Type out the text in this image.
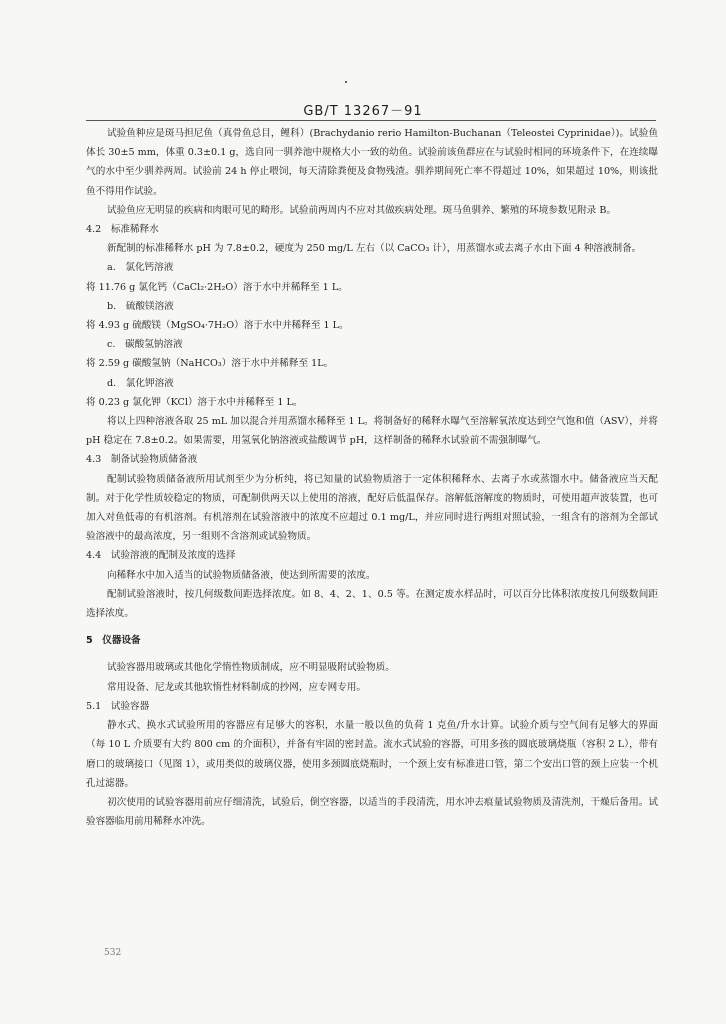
GB/T 13267－91

试验鱼种应是斑马担尼鱼（真骨鱼总目，鲤科）(Brachydanio rerio Hamilton-Buchanan（Teleostei Cyprinidae）)。试验鱼体长 30±5 mm，体重 0.3±0.1 g，选自同一驯养池中规格大小一致的幼鱼。试验前该鱼群应在与试验时相同的环境条件下，在连续曝气的水中至少驯养两周。试验前 24 h 停止喂饲，每天清除粪便及食物残渣。驯养期间死亡率不得超过 10%，如果超过 10%，则该批鱼不得用作试验。

试验鱼应无明显的疾病和肉眼可见的畸形。试验前两周内不应对其做疾病处理。斑马鱼驯养、繁殖的环境参数见附录 B。

4.2　标准稀释水

新配制的标准稀释水 pH 为 7.8±0.2，硬度为 250 mg/L 左右（以 CaCO₃ 计），用蒸馏水或去离子水由下面 4 种溶液制备。

a.　氯化钙溶液

将 11.76 g 氯化钙（CaCl₂·2H₂O）溶于水中并稀释至 1 L。

b.　硫酸镁溶液

将 4.93 g 硫酸镁（MgSO₄·7H₂O）溶于水中并稀释至 1 L。

c.　碳酸氢钠溶液

将 2.59 g 碳酸氢钠（NaHCO₃）溶于水中并稀释至 1L。

d.　氯化钾溶液

将 0.23 g 氯化钾（KCl）溶于水中并稀释至 1 L。

将以上四种溶液各取 25 mL 加以混合并用蒸馏水稀释至 1 L。将制备好的稀释水曝气至溶解氧浓度达到空气饱和值（ASV），并将 pH 稳定在 7.8±0.2。如果需要，用氢氧化钠溶液或盐酸调节 pH，这样制备的稀释水试验前不需强制曝气。

4.3　制备试验物质储备液

配制试验物质储备液所用试剂至少为分析纯，将已知量的试验物质溶于一定体积稀释水、去离子水或蒸馏水中。储备液应当天配制。对于化学性质较稳定的物质，可配制供两天以上使用的溶液，配好后低温保存。溶解低溶解度的物质时，可使用超声波装置，也可加入对鱼低毒的有机溶剂。有机溶剂在试验溶液中的浓度不应超过 0.1 mg/L，并应同时进行两组对照试验，一组含有的溶剂为全部试验溶液中的最高浓度，另一组则不含溶剂或试验物质。

4.4　试验溶液的配制及浓度的选择

向稀释水中加入适当的试验物质储备液，使达到所需要的浓度。

配制试验溶液时，按几何级数间距选择浓度。如 8、4、2、1、0.5 等。在测定废水样品时，可以百分比体积浓度按几何级数间距选择浓度。

5　仪器设备

试验容器用玻璃或其他化学惰性物质制成，应不明显吸附试验物质。

常用设备、尼龙或其他软惰性材料制成的抄网，应专网专用。

5.1　试验容器

静水式、换水式试验所用的容器应有足够大的容积，水量一般以鱼的负荷 1 克鱼/升水计算。试验介质与空气间有足够大的界面（每 10 L 介质要有大约 800 cm 的介面积），并备有牢固的密封盖。流水式试验的容器，可用多孩的圆底玻璃烧瓶（容积 2 L），带有磨口的玻璃接口（见图 1），或用类似的玻璃仪器，使用多颈圆底烧瓶时，一个颈上安有标准进口管，第二个安出口管的颈上应装一个机孔过滤器。

初次使用的试验容器用前应仔细清洗，试验后，倒空容器，以适当的手段清洗，用水冲去痕量试验物质及清洗剂，干燥后备用。试验容器临用前用稀释水冲洗。

532
